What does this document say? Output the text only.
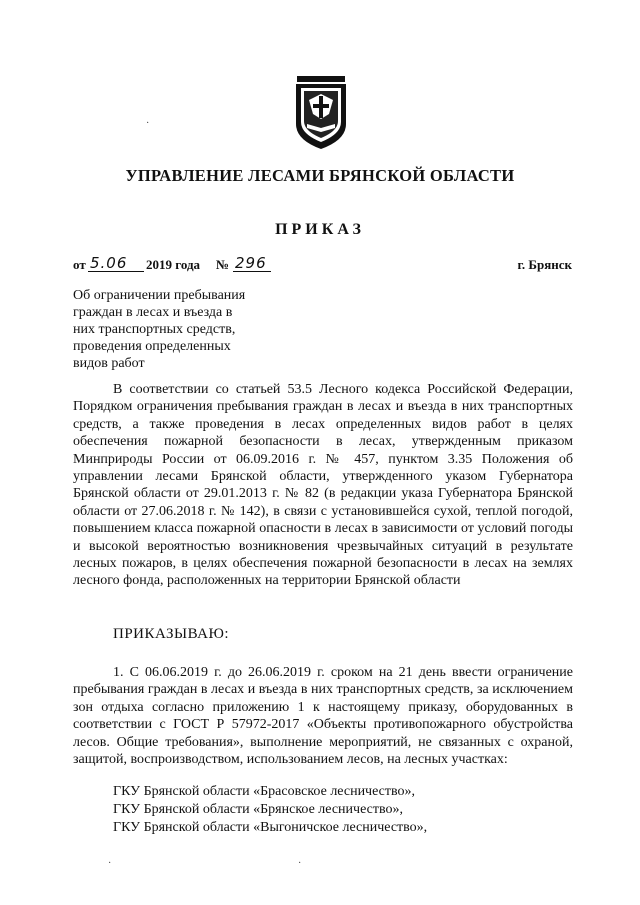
УПРАВЛЕНИЕ ЛЕСАМИ БРЯНСКОЙ ОБЛАСТИ
ПРИКАЗ
от 5.06 2019 года № 296	г. Брянск
Об ограничении пребывания
граждан в лесах и въезда в
них транспортных средств,
проведения определенных
видов работ
В соответствии со статьей 53.5 Лесного кодекса Российской Федерации, Порядком ограничения пребывания граждан в лесах и въезда в них транспортных средств, а также проведения в лесах определенных видов работ в целях обеспечения пожарной безопасности в лесах, утвержденным приказом Минприроды России от 06.09.2016 г. № 457, пунктом 3.35 Положения об управлении лесами Брянской области, утвержденного указом Губернатора Брянской области от 29.01.2013 г. № 82 (в редакции указа Губернатора Брянской области от 27.06.2018 г. № 142), в связи с установившейся сухой, теплой погодой, повышением класса пожарной опасности в лесах в зависимости от условий погоды и высокой вероятностью возникновения чрезвычайных ситуаций в результате лесных пожаров, в целях обеспечения пожарной безопасности в лесах на землях лесного фонда, расположенных на территории Брянской области
ПРИКАЗЫВАЮ:
1. С 06.06.2019 г. до 26.06.2019 г. сроком на 21 день ввести ограничение пребывания граждан в лесах и въезда в них транспортных средств, за исключением зон отдыха согласно приложению 1 к настоящему приказу, оборудованных в соответствии с ГОСТ Р 57972-2017 «Объекты противопожарного обустройства лесов. Общие требования», выполнение мероприятий, не связанных с охраной, защитой, воспроизводством, использованием лесов, на лесных участках:
ГКУ Брянской области «Брасовское лесничество»,
ГКУ Брянской области «Брянское лесничество»,
ГКУ Брянской области «Выгоничское лесничество»,
·
·	·
